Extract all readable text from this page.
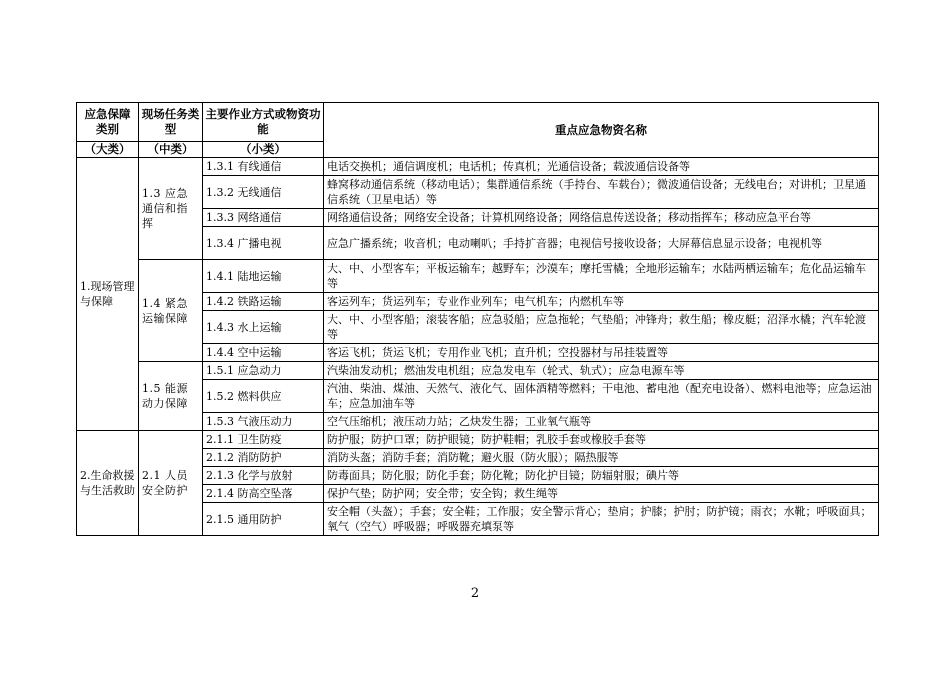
应急保障类别	现场任务类型	主要作业方式或物资功能	重点应急物资名称
（大类）	（中类）	（小类）	
1.现场管理与保障	1.3 应急通信和指挥	1.3.1 有线通信	电话交换机；通信调度机；电话机；传真机；光通信设备；载波通信设备等
		1.3.2 无线通信	蜂窝移动通信系统（移动电话）；集群通信系统（手持台、车载台）；微波通信设备；无线电台；对讲机；卫星通信系统（卫星电话）等
		1.3.3 网络通信	网络通信设备；网络安全设备；计算机网络设备；网络信息传送设备；移动指挥车；移动应急平台等
		1.3.4 广播电视	应急广播系统；收音机；电动喇叭；手持扩音器；电视信号接收设备；大屏幕信息显示设备；电视机等
	1.4 紧急运输保障	1.4.1 陆地运输	大、中、小型客车；平板运输车；越野车；沙漠车；摩托雪橇；全地形运输车；水陆两栖运输车；危化品运输车等
		1.4.2 铁路运输	客运列车；货运列车；专业作业列车；电气机车；内燃机车等
		1.4.3 水上运输	大、中、小型客船；滚装客船；应急驳船；应急拖轮；气垫船；冲锋舟；救生船；橡皮艇；沼泽水橇；汽车轮渡等
		1.4.4 空中运输	客运飞机；货运飞机；专用作业飞机；直升机；空投器材与吊挂装置等
	1.5 能源动力保障	1.5.1 应急动力	汽柴油发动机；燃油发电机组；应急发电车（轮式、轨式）；应急电源车等
		1.5.2 燃料供应	汽油、柴油、煤油、天然气、液化气、固体酒精等燃料；干电池、蓄电池（配充电设备）、燃料电池等；应急运油车；应急加油车等
		1.5.3 气液压动力	空气压缩机；液压动力站；乙炔发生器；工业氧气瓶等
2.生命救援与生活救助	2.1 人员安全防护	2.1.1 卫生防疫	防护服；防护口罩；防护眼镜；防护鞋帽；乳胶手套或橡胶手套等
		2.1.2 消防防护	消防头盔；消防手套；消防靴；避火服（防火服）；隔热服等
		2.1.3 化学与放射	防毒面具；防化服；防化手套；防化靴；防化护目镜；防辐射服；碘片等
		2.1.4 防高空坠落	保护气垫；防护网；安全带；安全钩；救生绳等
		2.1.5 通用防护	安全帽（头盔）；手套；安全鞋；工作服；安全警示背心；垫肩；护膝；护肘；防护镜；雨衣；水靴；呼吸面具；氧气（空气）呼吸器；呼吸器充填泵等
2
